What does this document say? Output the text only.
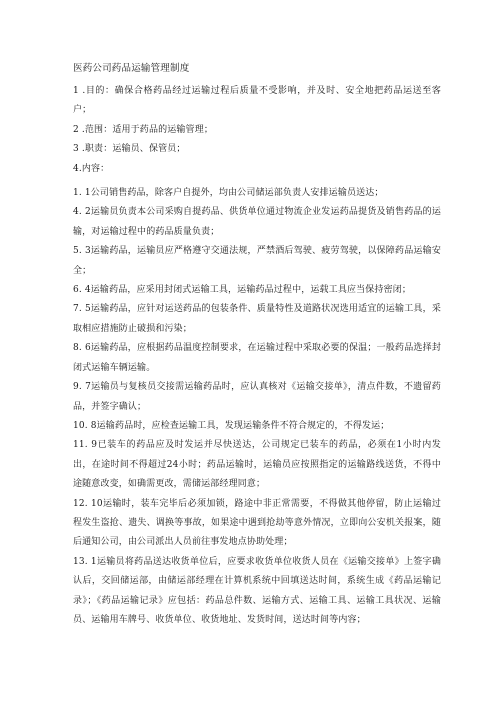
医药公司药品运输管理制度

1 .目的：确保合格药品经过运输过程后质量不受影响，并及时、安全地把药品运送至客户；

2 .范围：适用于药品的运输管理；

3 .职责：运输员、保管员；

4.内容：

1. 1公司销售药品，除客户自提外，均由公司储运部负责人安排运输员送达；

4. 2运输员负责本公司采购自提药品、供货单位通过物流企业发运药品提货及销售药品的运输，对运输过程中的药品质量负责；

5. 3运输药品，运输员应严格遵守交通法规，严禁酒后驾驶、疲劳驾驶，以保障药品运输安全；

6. 4运输药品，应采用封闭式运输工具，运输药品过程中，运载工具应当保持密闭；

7. 5运输药品，应针对运送药品的包装条件、质量特性及道路状况选用适宜的运输工具，采取相应措施防止破损和污染；

8. 6运输药品，应根据药品温度控制要求，在运输过程中采取必要的保温；一般药品选择封闭式运输车辆运输。

9. 7运输员与复核员交接需运输药品时，应认真核对《运输交接单》，清点件数，不遗留药品，并签字确认；

10. 8运输药品时，应检查运输工具，发现运输条件不符合规定的，不得发运；

11. 9已装车的药品应及时发运并尽快送达，公司规定已装车的药品，必须在1小时内发出，在途时间不得超过24小时；药品运输时，运输员应按照指定的运输路线送货，不得中途随意改变，如确需更改，需储运部经理同意；

12. 10运输时，装车完毕后必须加锁，路途中非正常需要，不得做其他停留，防止运输过程发生盗抢、遗失、调换等事故，如果途中遇到抢劫等意外情况，立即向公安机关报案，随后通知公司，由公司派出人员前往事发地点协助处理；

13. 1运输员将药品送达收货单位后，应要求收货单位收货人员在《运输交接单》上签字确认后，交回储运部，由储运部经理在计算机系统中回填送达时间，系统生成《药品运输记录》；《药品运输记录》应包括：药品总件数、运输方式、运输工具、运输工具状况、运输员、运输用车牌号、收货单位、收货地址、发货时间，送达时间等内容；
